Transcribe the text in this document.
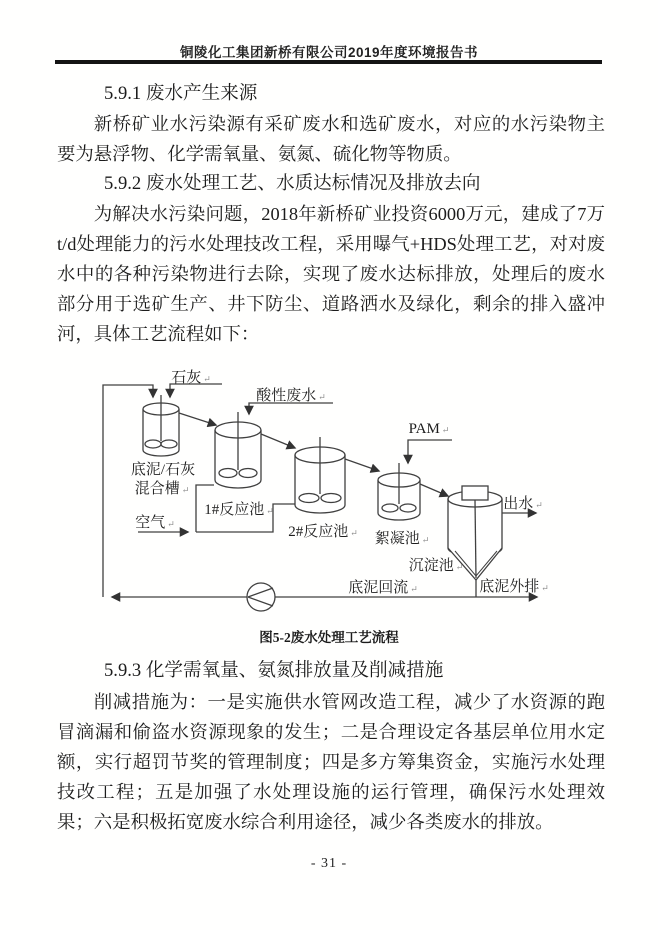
铜陵化工集团新桥有限公司2019年度环境报告书
5.9.1 废水产生来源
新桥矿业水污染源有采矿废水和选矿废水，对应的水污染物主要为悬浮物、化学需氧量、氨氮、硫化物等物质。
5.9.2 废水处理工艺、水质达标情况及排放去向
为解决水污染问题，2018年新桥矿业投资6000万元，建成了7万t/d处理能力的污水处理技改工程，采用曝气+HDS处理工艺，对对废水中的各种污染物进行去除，实现了废水达标排放，处理后的废水部分用于选矿生产、井下防尘、道路洒水及绿化，剩余的排入盛冲河，具体工艺流程如下：
石灰 ↵
酸性废水 ↵
PAM ↵
底泥/石灰
混合槽 ↵
1#反应池 ↵
2#反应池 ↵
空气 ↵
絮凝池 ↵
沉淀池 ↵
出水 ↵
底泥回流 ↵	底泥外排 ↵
图5-2废水处理工艺流程
5.9.3 化学需氧量、氨氮排放量及削减措施
削减措施为：一是实施供水管网改造工程，减少了水资源的跑冒滴漏和偷盗水资源现象的发生；二是合理设定各基层单位用水定额，实行超罚节奖的管理制度；四是多方筹集资金，实施污水处理技改工程；五是加强了水处理设施的运行管理，确保污水处理效果；六是积极拓宽废水综合利用途径，减少各类废水的排放。
- 31 -
